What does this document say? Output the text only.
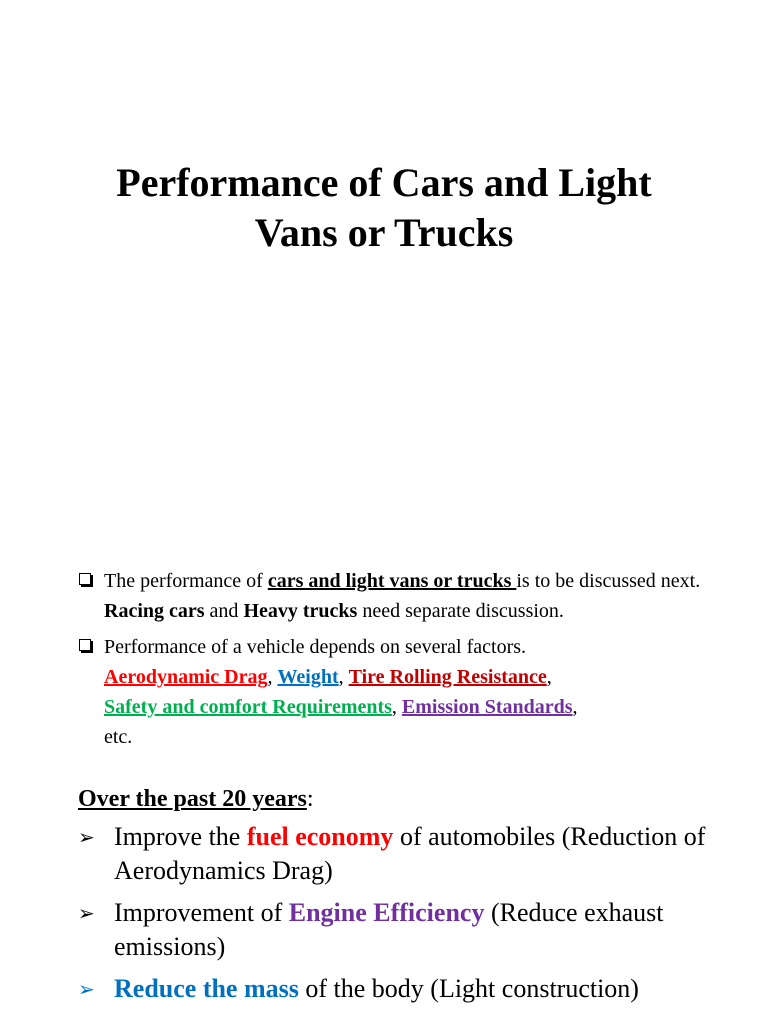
Performance of Cars and Light
Vans or Trucks
The performance of cars and light vans or trucks is to be discussed next. Racing cars and Heavy trucks need separate discussion.
Performance of a vehicle depends on several factors.
Aerodynamic Drag, Weight, Tire Rolling Resistance,
Safety and comfort Requirements, Emission Standards,
etc.
Over the past 20 years:
➢ Improve the fuel economy of automobiles (Reduction of Aerodynamics Drag)
➢ Improvement of Engine Efficiency (Reduce exhaust emissions)
➢ Reduce the mass of the body (Light construction)
